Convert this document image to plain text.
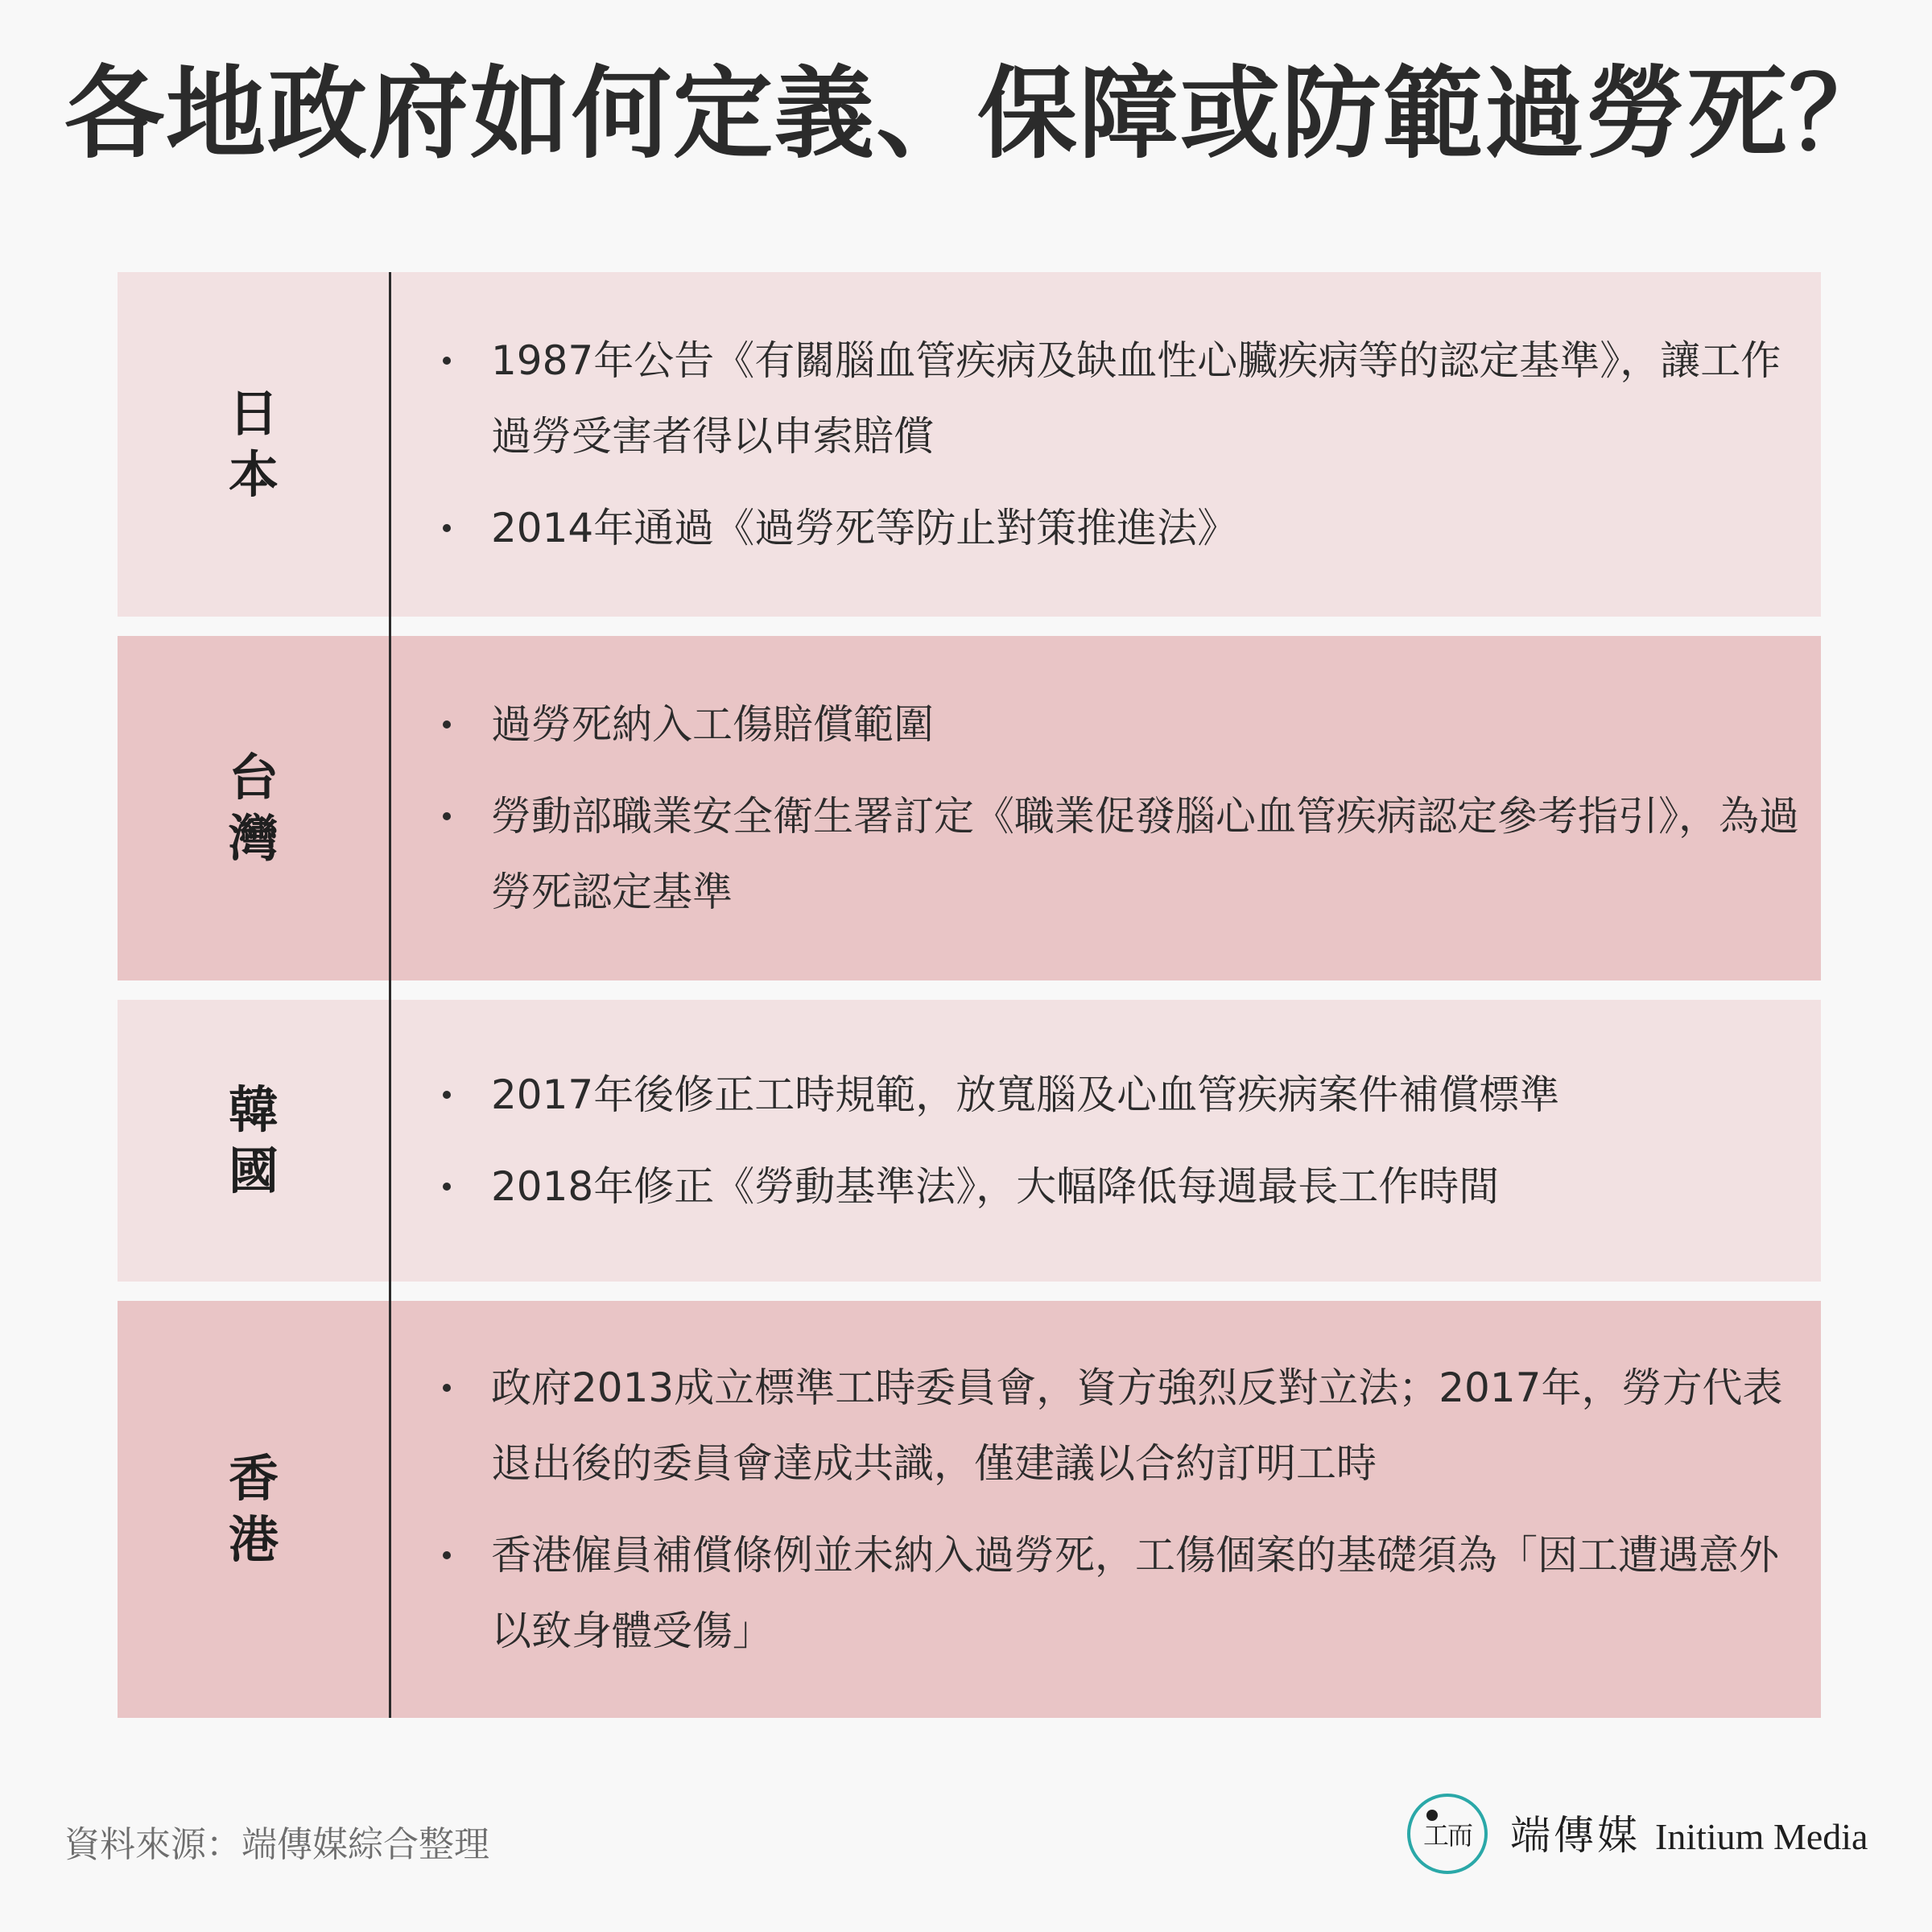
各地政府如何定義、保障或防範過勞死？
日本
1987年公告《有關腦血管疾病及缺血性心臟疾病等的認定基準》，讓工作過勞受害者得以申索賠償
2014年通過《過勞死等防止對策推進法》
台灣
過勞死納入工傷賠償範圍
勞動部職業安全衛生署訂定《職業促發腦心血管疾病認定參考指引》，為過勞死認定基準
韓國
2017年後修正工時規範，放寬腦及心血管疾病案件補償標準
2018年修正《勞動基準法》，大幅降低每週最長工作時間
香港
政府2013成立標準工時委員會，資方強烈反對立法；2017年，勞方代表退出後的委員會達成共識，僅建議以合約訂明工時
香港僱員補償條例並未納入過勞死，工傷個案的基礎須為「因工遭遇意外以致身體受傷」
資料來源：端傳媒綜合整理	工而 端傳媒 Initium Media
